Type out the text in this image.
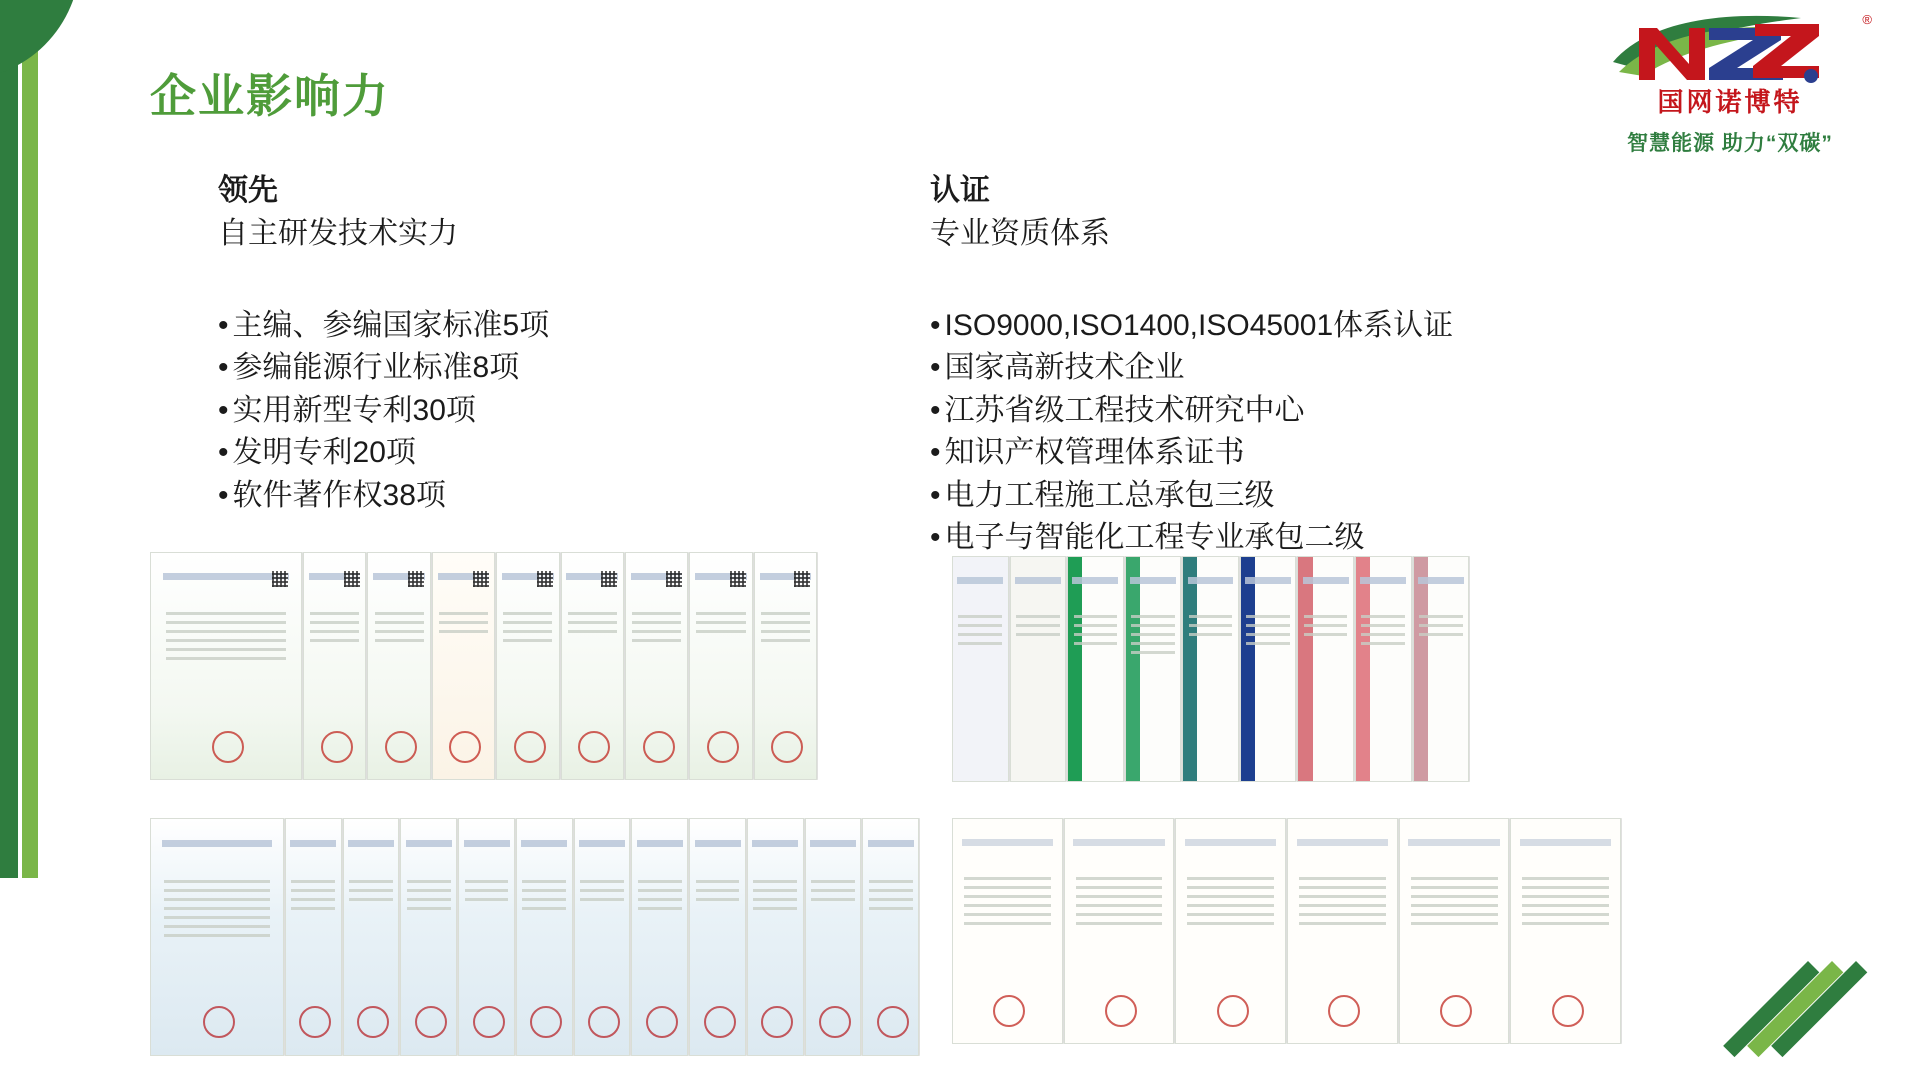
®
国网诺博特
智慧能源 助力“双碳”
企业影响力
领先
自主研发技术实力
• 主编、参编国家标准5项
• 参编能源行业标准8项
• 实用新型专利30项
• 发明专利20项
• 软件著作权38项
认证
专业资质体系
• ISO9000,ISO1400,ISO45001体系认证
• 国家高新技术企业
• 江苏省级工程技术研究中心
• 知识产权管理体系证书
• 电力工程施工总承包三级
• 电子与智能化工程专业承包二级
